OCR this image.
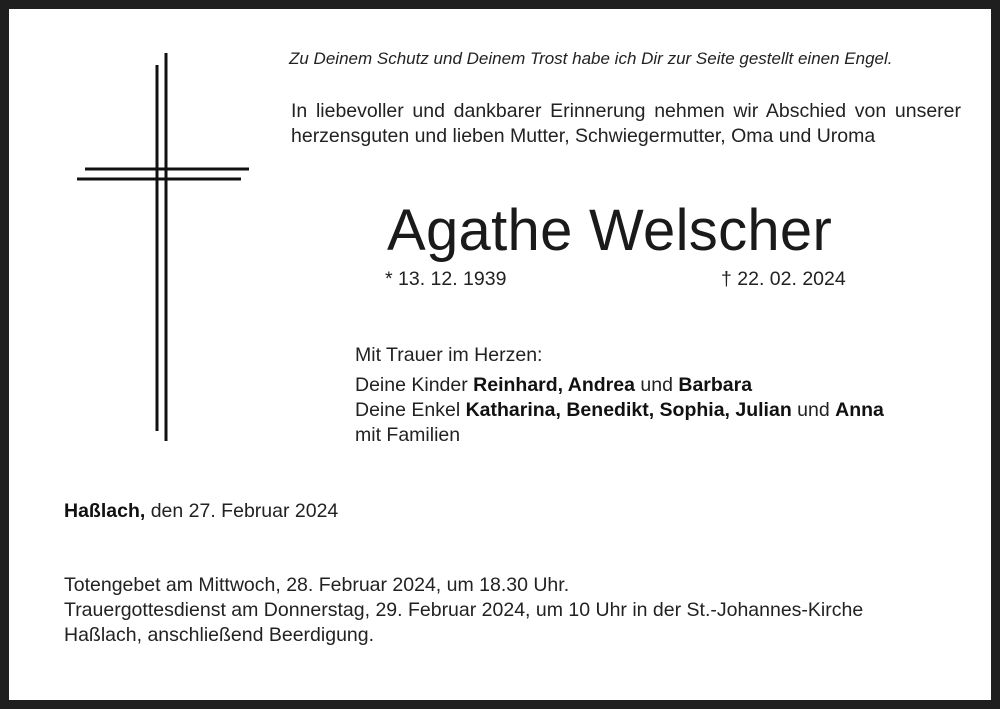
Zu Deinem Schutz und Deinem Trost habe ich Dir zur Seite gestellt einen Engel.
In liebevoller und dankbarer Erinnerung nehmen wir Abschied von unserer herzensguten und lieben Mutter, Schwiegermutter, Oma und Uroma
Agathe Welscher
* 13. 12. 1939	† 22. 02. 2024
Mit Trauer im Herzen:
Deine Kinder Reinhard, Andrea und Barbara
Deine Enkel Katharina, Benedikt, Sophia, Julian und Anna
mit Familien
Haßlach, den 27. Februar 2024
Totengebet am Mittwoch, 28. Februar 2024, um 18.30 Uhr.
Trauergottesdienst am Donnerstag, 29. Februar 2024, um 10 Uhr in der St.-Johannes-Kirche
Haßlach, anschließend Beerdigung.
